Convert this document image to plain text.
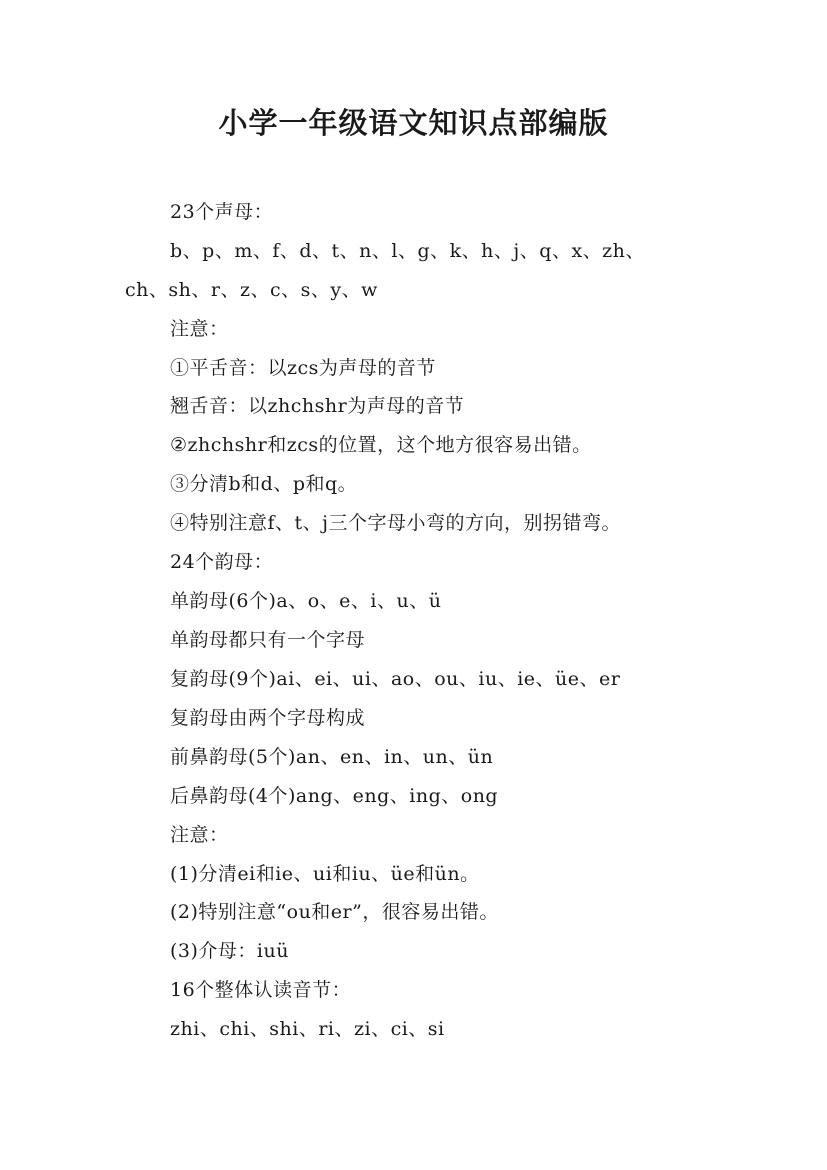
小学一年级语文知识点部编版
23个声母：
b、p、m、f、d、t、n、l、g、k、h、j、q、x、zh、
ch、sh、r、z、c、s、y、w
注意：
①平舌音：以zcs为声母的音节
翘舌音：以zhchshr为声母的音节
②zhchshr和zcs的位置，这个地方很容易出错。
③分清b和d、p和q。
④特别注意f、t、j三个字母小弯的方向，别拐错弯。
24个韵母：
单韵母(6个)a、o、e、i、u、ü
单韵母都只有一个字母
复韵母(9个)ai、ei、ui、ao、ou、iu、ie、üe、er
复韵母由两个字母构成
前鼻韵母(5个)an、en、in、un、ün
后鼻韵母(4个)ang、eng、ing、ong
注意：
(1)分清ei和ie、ui和iu、üe和ün。
(2)特别注意“ou和er”，很容易出错。
(3)介母：iuü
16个整体认读音节：
zhi、chi、shi、ri、zi、ci、si
